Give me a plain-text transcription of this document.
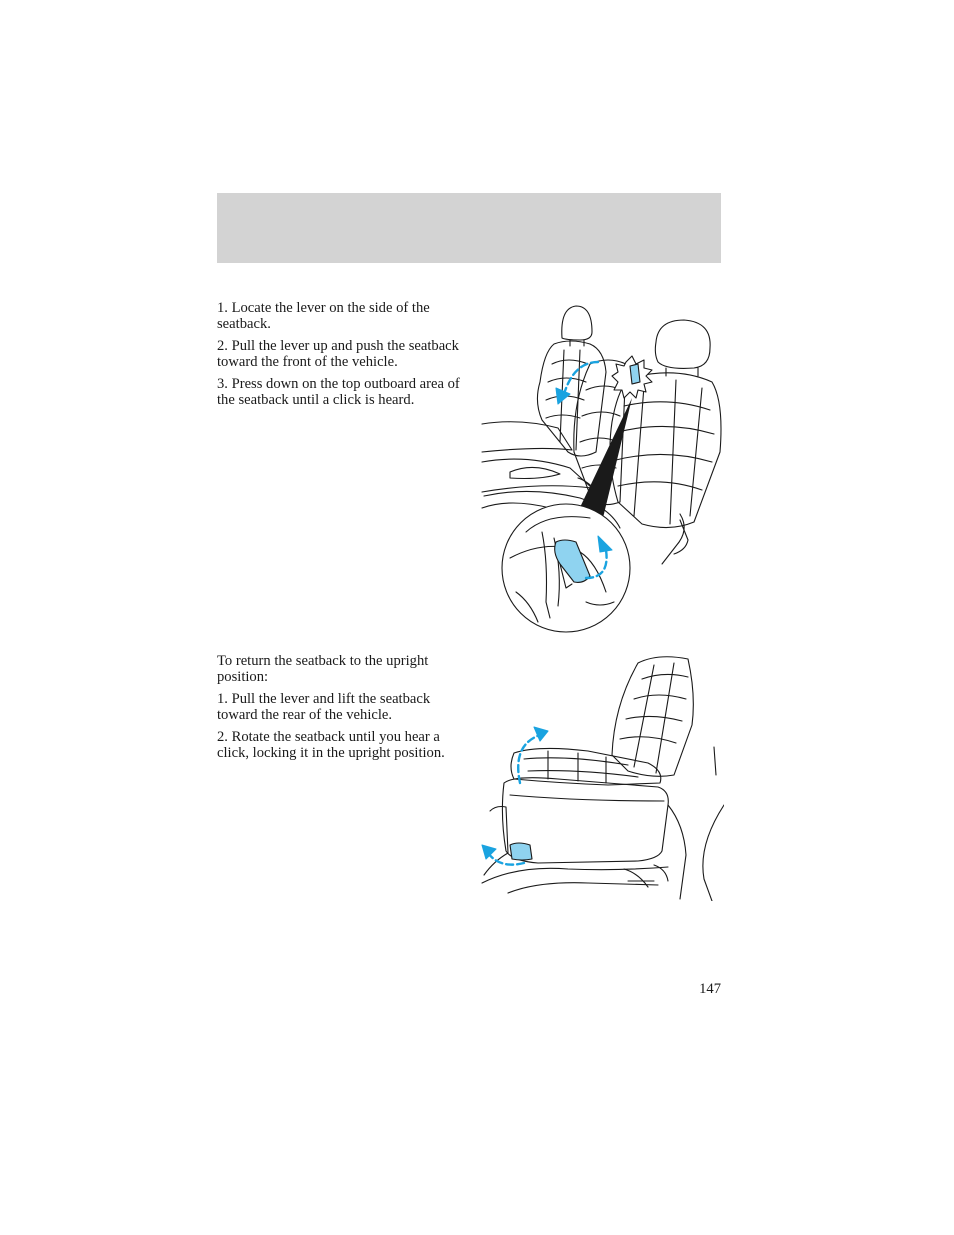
1. Locate the lever on the side of the seatback.

2. Pull the lever up and push the seatback toward the front of the vehicle.

3. Press down on the top outboard area of the seatback until a click is heard.

To return the seatback to the upright position:

1. Pull the lever and lift the seatback toward the rear of the vehicle.

2. Rotate the seatback until you hear a click, locking it in the upright position.

147
